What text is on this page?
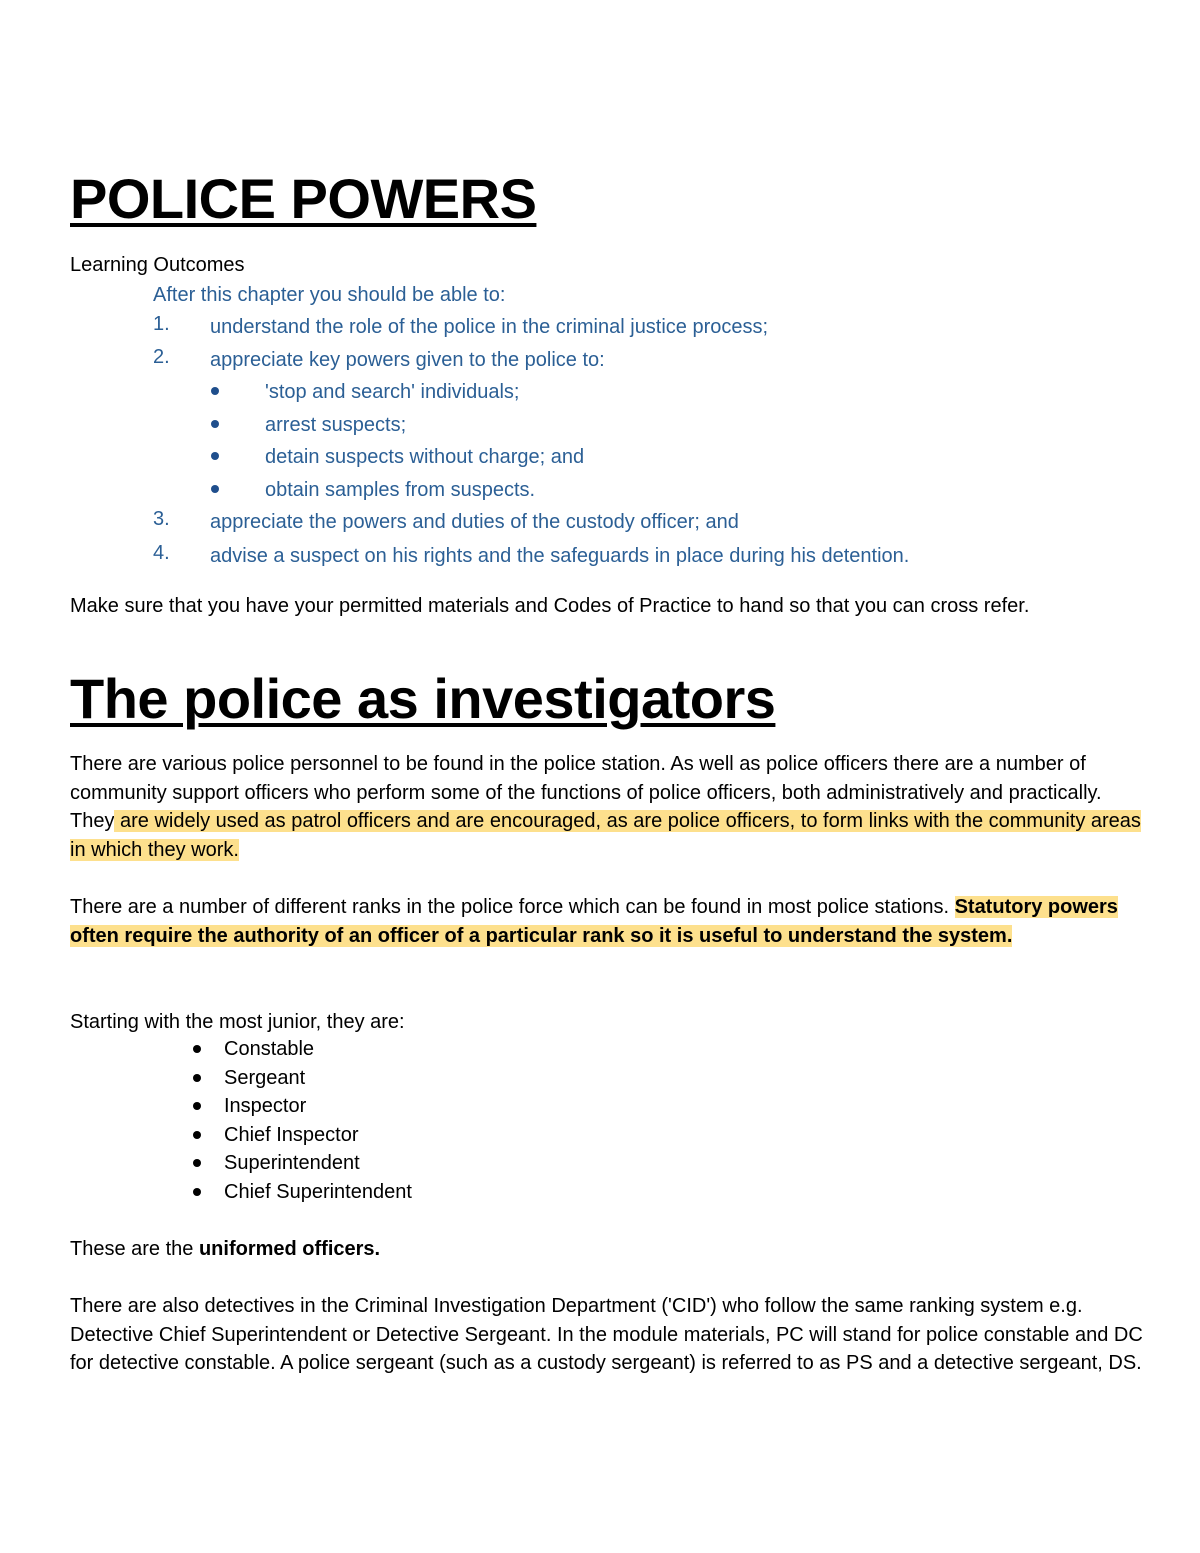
POLICE POWERS
Learning Outcomes
After this chapter you should be able to:
1. understand the role of the police in the criminal justice process;
2. appreciate key powers given to the police to:
'stop and search' individuals;
arrest suspects;
detain suspects without charge; and
obtain samples from suspects.
3. appreciate the powers and duties of the custody officer; and
4. advise a suspect on his rights and the safeguards in place during his detention.
Make sure that you have your permitted materials and Codes of Practice to hand so that you can cross refer.
The police as investigators

There are various police personnel to be found in the police station. As well as police officers there are a number of community support officers who perform some of the functions of police officers, both administratively and practically. They are widely used as patrol officers and are encouraged, as are police officers, to form links with the community areas in which they work.

There are a number of different ranks in the police force which can be found in most police stations. Statutory powers often require the authority of an officer of a particular rank so it is useful to understand the system.

Starting with the most junior, they are:
Constable
Sergeant
Inspector
Chief Inspector
Superintendent
Chief Superintendent
These are the uniformed officers.

There are also detectives in the Criminal Investigation Department ('CID') who follow the same ranking system e.g. Detective Chief Superintendent or Detective Sergeant. In the module materials, PC will stand for police constable and DC for detective constable. A police sergeant (such as a custody sergeant) is referred to as PS and a detective sergeant, DS.
